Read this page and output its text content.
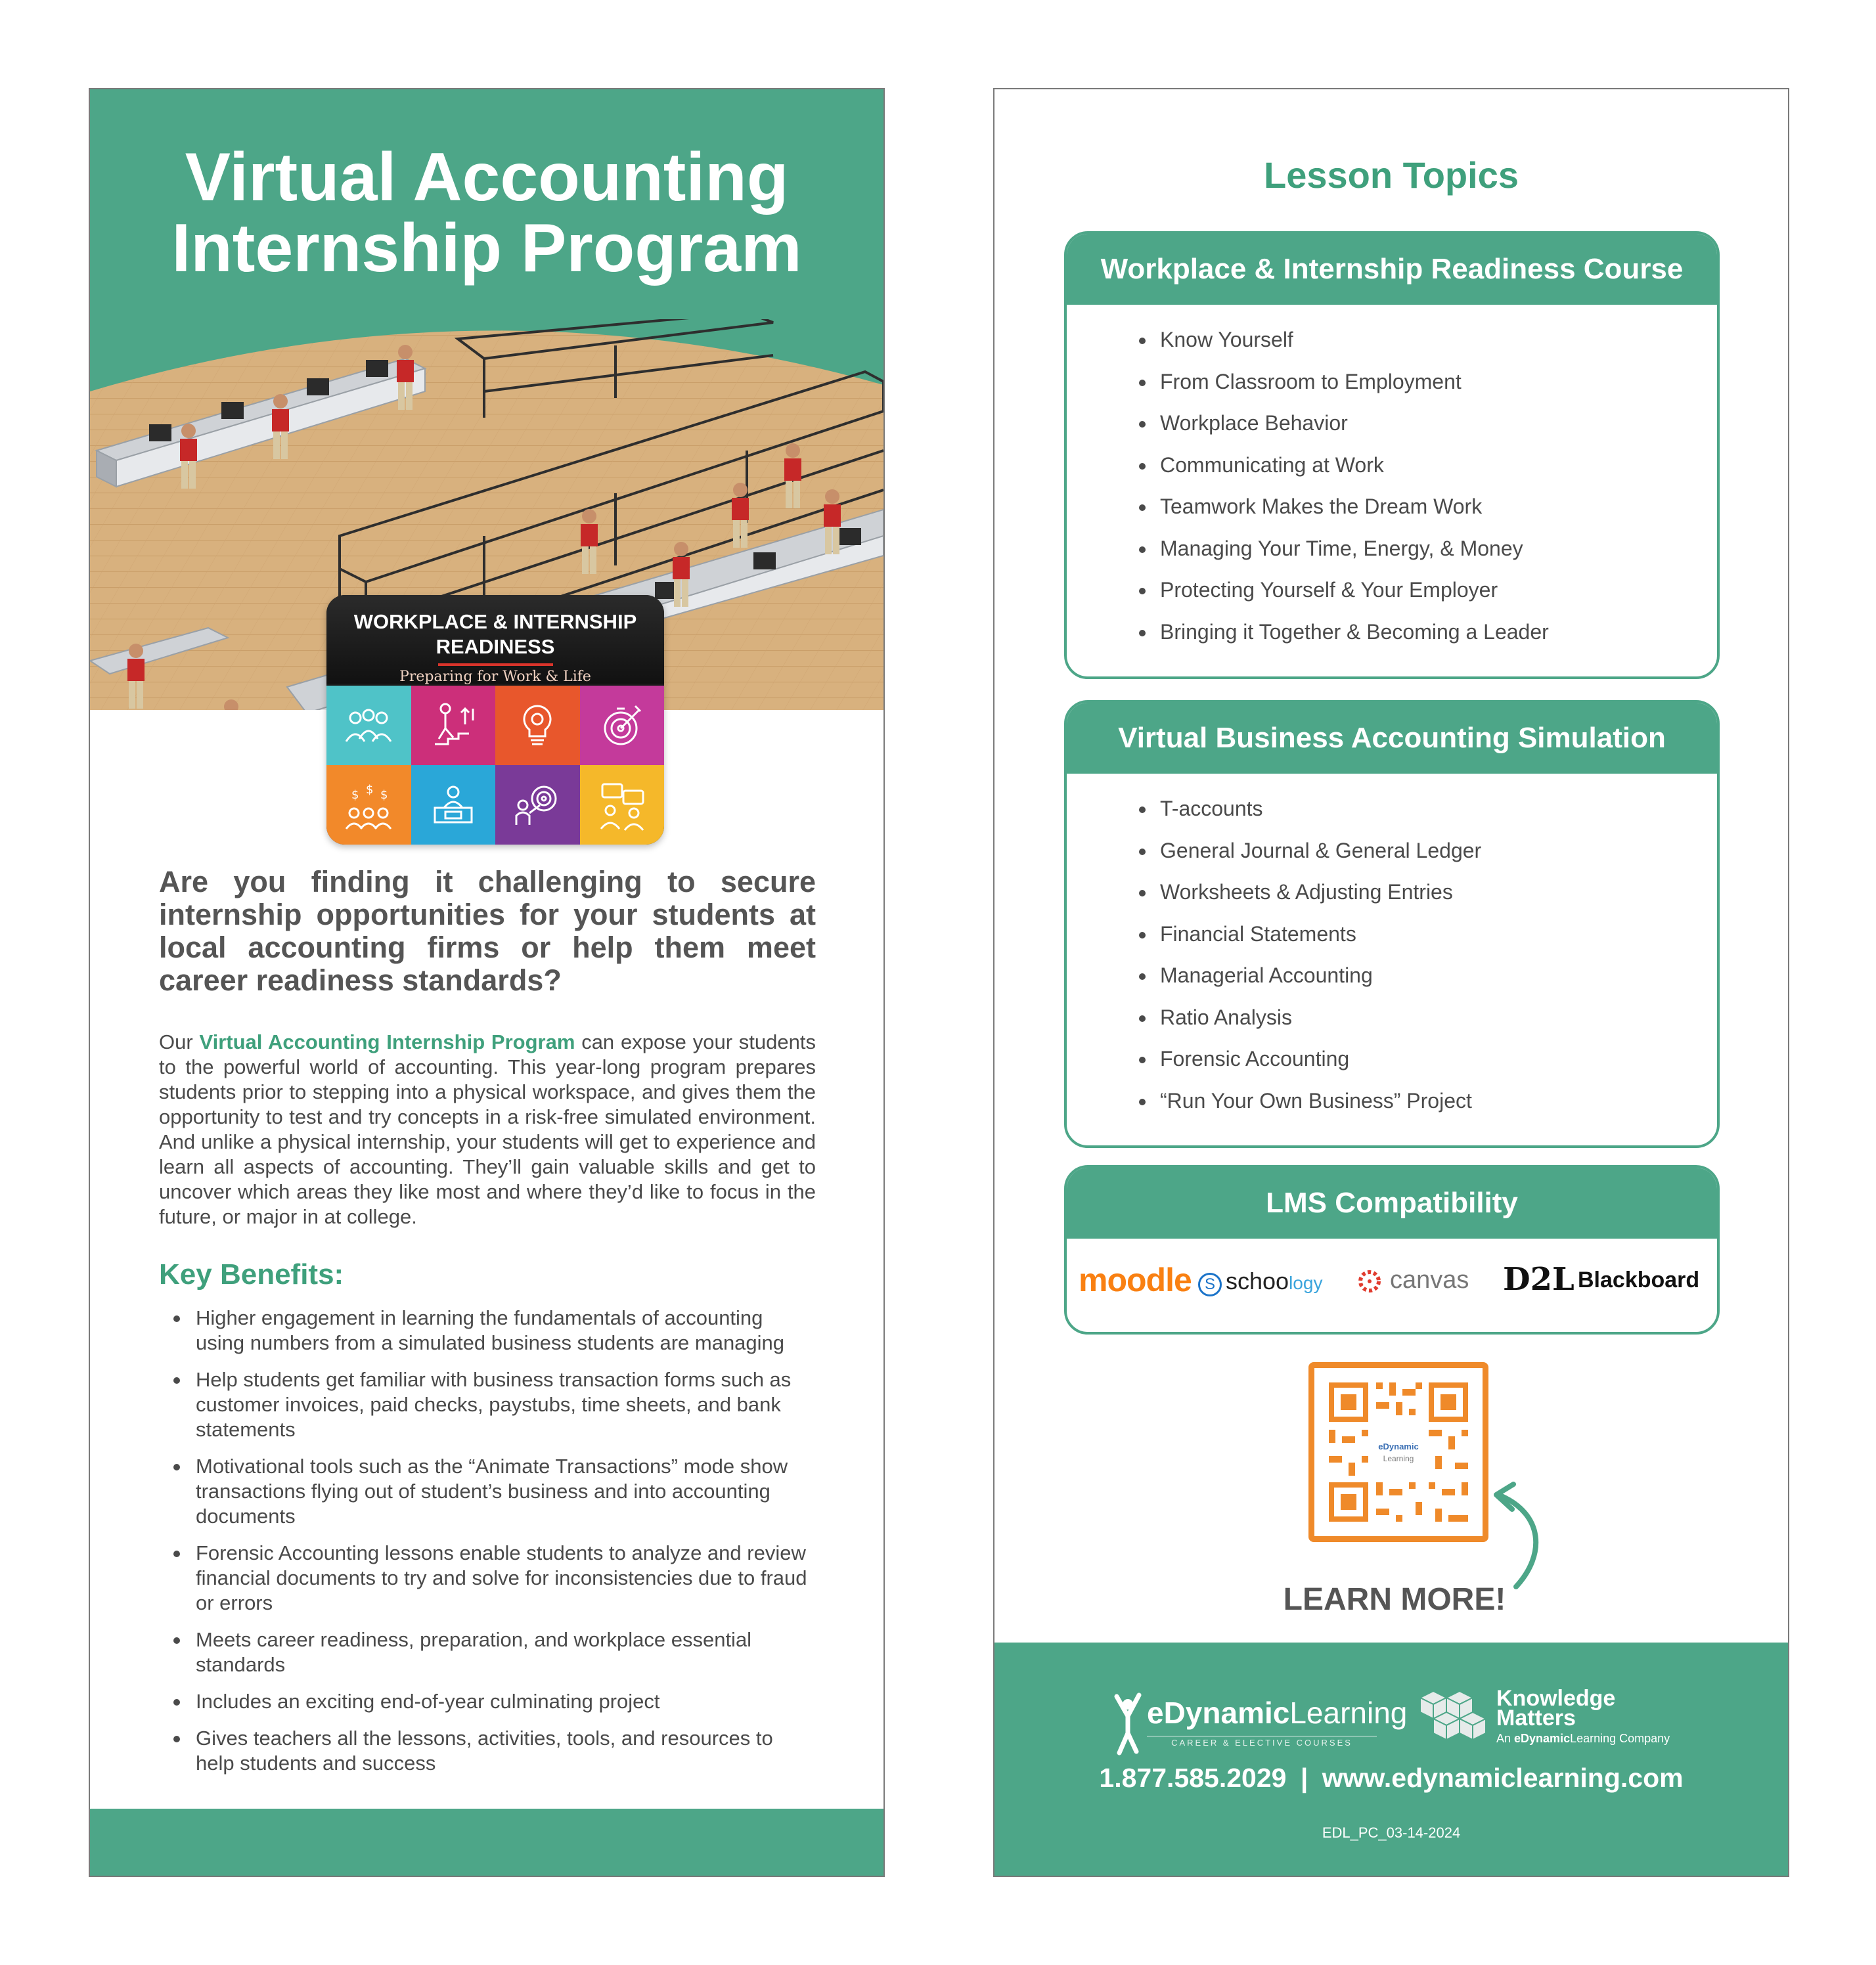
Virtual Accounting
Internship Program
WORKPLACE & INTERNSHIP
READINESS
Preparing for Work & Life
$ $ $
Are you finding it challenging to secure internship opportunities for your students at local accounting firms or help them meet career readiness standards?
Our Virtual Accounting Internship Program can expose your students to the powerful world of accounting. This year-long program prepares students prior to stepping into a physical workspace, and gives them the opportunity to test and try concepts in a risk-free simulated environment. And unlike a physical internship, your students will get to experience and learn all aspects of accounting. They’ll gain valuable skills and get to uncover which areas they like most and where they’d like to focus in the future, or major in at college.
Key Benefits:
Higher engagement in learning the fundamentals of accounting using numbers from a simulated business students are managing
Help students get familiar with business transaction forms such as customer invoices, paid checks, paystubs, time sheets, and bank statements
Motivational tools such as the “Animate Transactions” mode show transactions flying out of student’s business and into accounting documents
Forensic Accounting lessons enable students to analyze and review financial documents to try and solve for inconsistencies due to fraud or errors
Meets career readiness, preparation, and workplace essential standards
Includes an exciting end-of-year culminating project
Gives teachers all the lessons, activities, tools, and resources to help students and success
Lesson Topics
Workplace & Internship Readiness Course
Know Yourself
From Classroom to Employment
Workplace Behavior
Communicating at Work
Teamwork Makes the Dream Work
Managing Your Time, Energy, & Money
Protecting Yourself & Your Employer
Bringing it Together & Becoming a Leader
Virtual Business Accounting Simulation
T-accounts
General Journal & General Ledger
Worksheets & Adjusting Entries
Financial Statements
Managerial Accounting
Ratio Analysis
Forensic Accounting
“Run Your Own Business” Project
LMS Compatibility
moodle S schoology	canvas D2L Blackboard
eDynamic
Learning
LEARN MORE!
eDynamicLearning
CAREER & ELECTIVE COURSES
Knowledge
Matters
An eDynamicLearning Company
1.877.585.2029 | www.edynamiclearning.com
EDL_PC_03-14-2024
